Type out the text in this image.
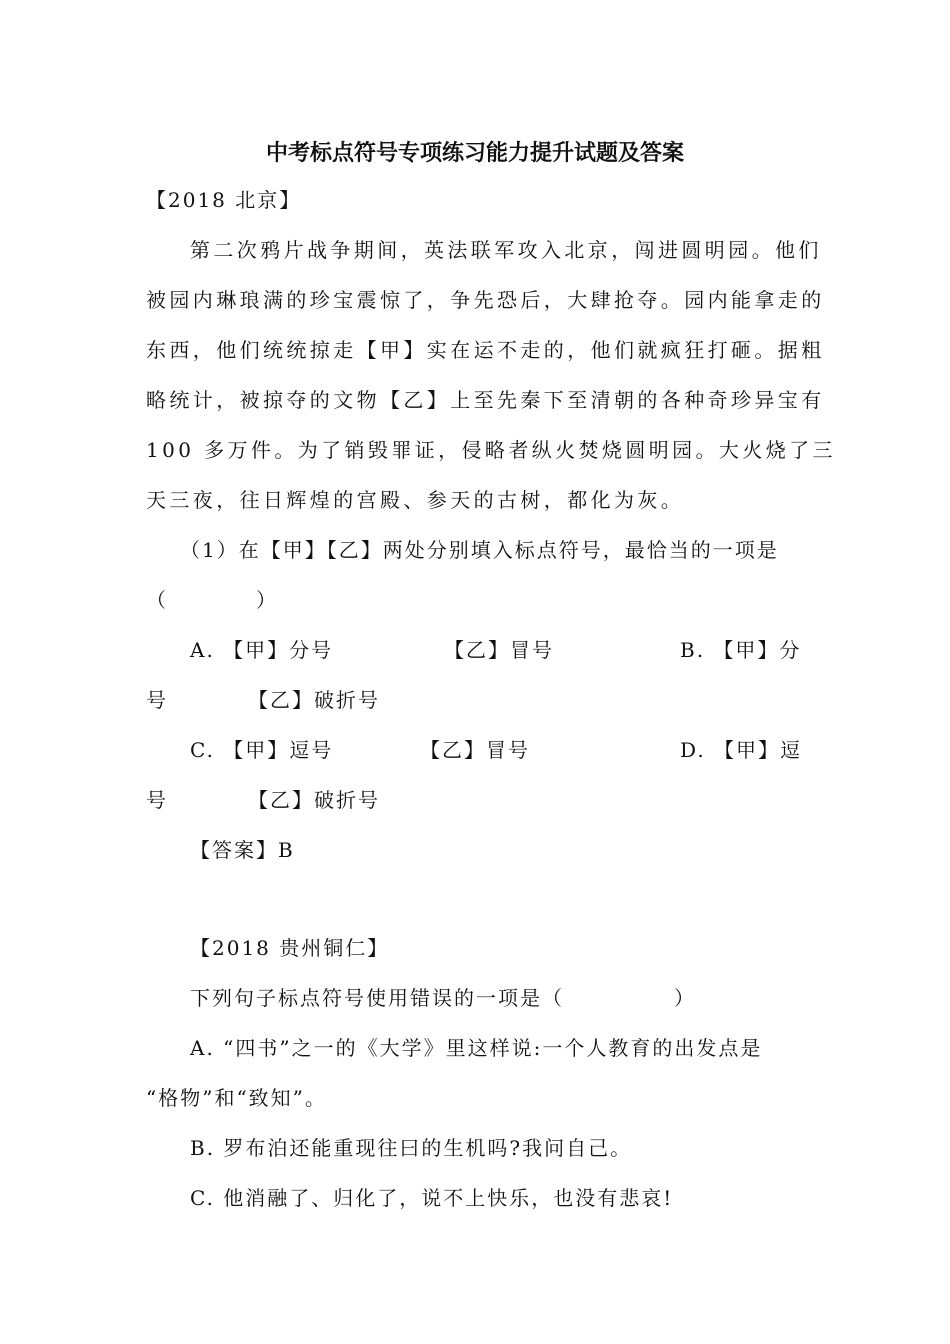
中考标点符号专项练习能力提升试题及答案
【2018 北京】
第二次鸦片战争期间，英法联军攻入北京，闯进圆明园。他们
被园内琳琅满的珍宝震惊了，争先恐后，大肆抢夺。园内能拿走的
东西，他们统统掠走【甲】实在运不走的，他们就疯狂打砸。据粗
略统计，被掠夺的文物【乙】上至先秦下至清朝的各种奇珍异宝有
100 多万件。为了销毁罪证，侵略者纵火焚烧圆明园。大火烧了三
天三夜，往日辉煌的宫殿、参天的古树，都化为灰。
（1）在【甲】【乙】两处分别填入标点符号，最恰当的一项是
（　　　　）
A. 【甲】分号	【乙】冒号	B. 【甲】分
号	【乙】破折号
C. 【甲】逗号	【乙】冒号	D. 【甲】逗
号	【乙】破折号
【答案】B
【2018 贵州铜仁】
下列句子标点符号使用错误的一项是（　　　　　）
A. “四书”之一的《大学》里这样说:一个人教育的出发点是
“格物”和“致知”。
B. 罗布泊还能重现往曰的生机吗?我问自己。
C. 他消融了、归化了，说不上快乐，也没有悲哀!
